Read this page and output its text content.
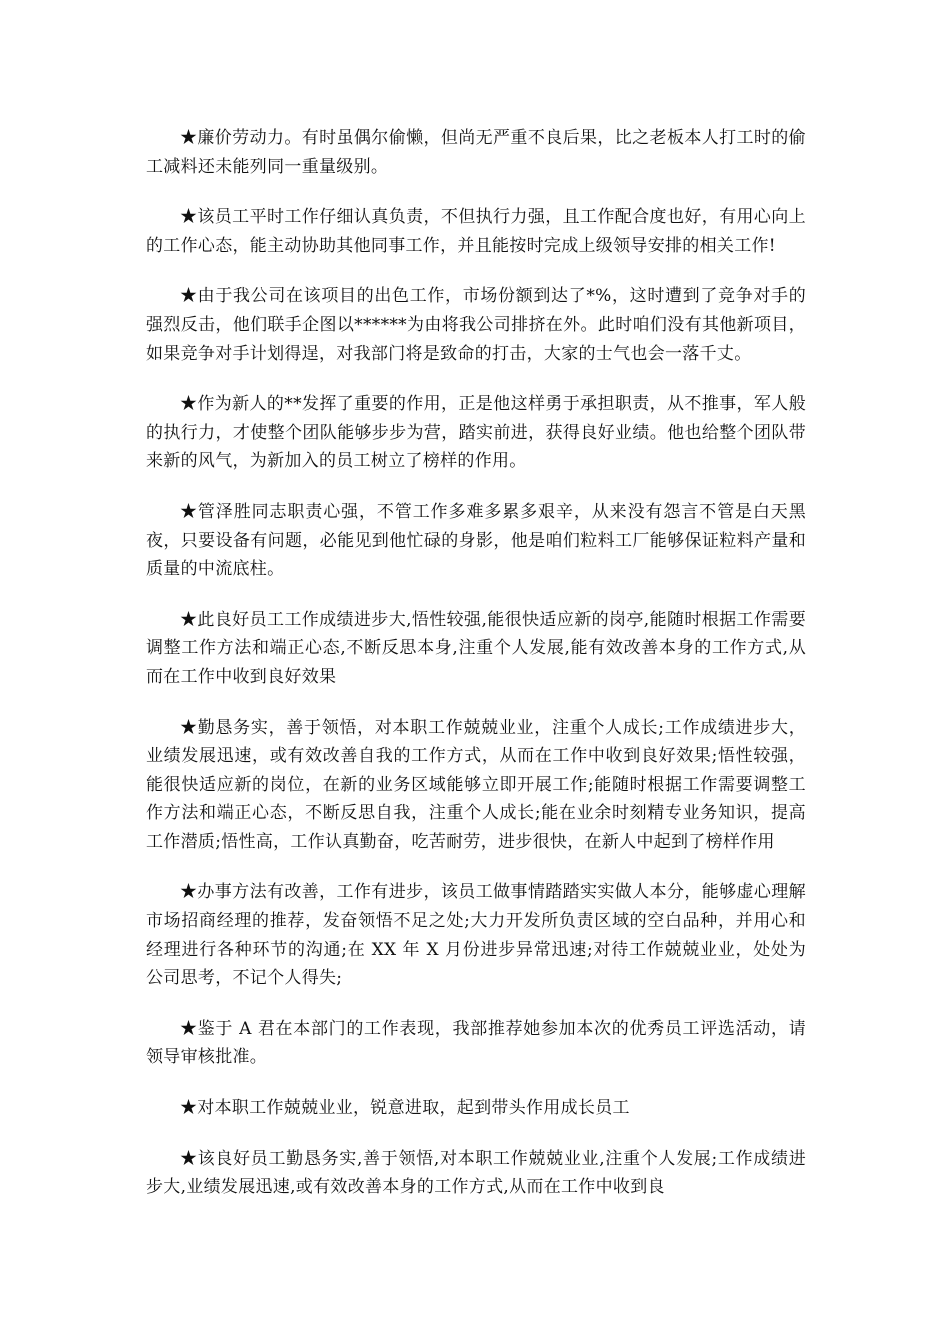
★廉价劳动力。有时虽偶尔偷懒，但尚无严重不良后果，比之老板本人打工时的偷工减料还未能列同一重量级别。

★该员工平时工作仔细认真负责，不但执行力强，且工作配合度也好，有用心向上的工作心态，能主动协助其他同事工作，并且能按时完成上级领导安排的相关工作!

★由于我公司在该项目的出色工作，市场份额到达了*%，这时遭到了竞争对手的强烈反击，他们联手企图以******为由将我公司排挤在外。此时咱们没有其他新项目，如果竞争对手计划得逞，对我部门将是致命的打击，大家的士气也会一落千丈。

★作为新人的**发挥了重要的作用，正是他这样勇于承担职责，从不推事，军人般的执行力，才使整个团队能够步步为营，踏实前进，获得良好业绩。他也给整个团队带来新的风气，为新加入的员工树立了榜样的作用。

★管泽胜同志职责心强，不管工作多难多累多艰辛，从来没有怨言不管是白天黑夜，只要设备有问题，必能见到他忙碌的身影，他是咱们粒料工厂能够保证粒料产量和质量的中流底柱。

★此良好员工工作成绩进步大,悟性较强,能很快适应新的岗亭,能随时根据工作需要调整工作方法和端正心态,不断反思本身,注重个人发展,能有效改善本身的工作方式,从而在工作中收到良好效果

★勤恳务实，善于领悟，对本职工作兢兢业业，注重个人成长;工作成绩进步大，业绩发展迅速，或有效改善自我的工作方式，从而在工作中收到良好效果;悟性较强，能很快适应新的岗位，在新的业务区域能够立即开展工作;能随时根据工作需要调整工作方法和端正心态，不断反思自我，注重个人成长;能在业余时刻精专业务知识，提高工作潜质;悟性高，工作认真勤奋，吃苦耐劳，进步很快，在新人中起到了榜样作用

★办事方法有改善，工作有进步，该员工做事情踏踏实实做人本分，能够虚心理解市场招商经理的推荐，发奋领悟不足之处;大力开发所负责区域的空白品种，并用心和经理进行各种环节的沟通;在 XX 年 X 月份进步异常迅速;对待工作兢兢业业，处处为公司思考，不记个人得失;

★鉴于 A 君在本部门的工作表现，我部推荐她参加本次的优秀员工评选活动，请领导审核批准。

★对本职工作兢兢业业，锐意进取，起到带头作用成长员工

★该良好员工勤恳务实,善于领悟,对本职工作兢兢业业,注重个人发展;工作成绩进步大,业绩发展迅速,或有效改善本身的工作方式,从而在工作中收到良
